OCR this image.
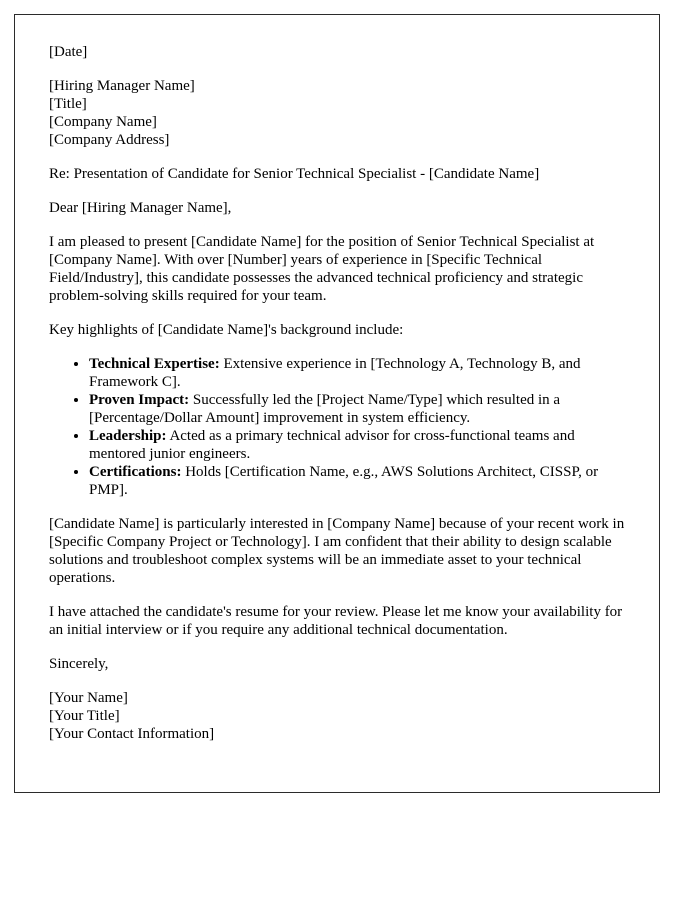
[Date]

[Hiring Manager Name]
[Title]
[Company Name]
[Company Address]

Re: Presentation of Candidate for Senior Technical Specialist - [Candidate Name]

Dear [Hiring Manager Name],

I am pleased to present [Candidate Name] for the position of Senior Technical Specialist at [Company Name]. With over [Number] years of experience in [Specific Technical Field/Industry], this candidate possesses the advanced technical proficiency and strategic problem-solving skills required for your team.

Key highlights of [Candidate Name]'s background include:

• Technical Expertise: Extensive experience in [Technology A, Technology B, and Framework C].
• Proven Impact: Successfully led the [Project Name/Type] which resulted in a [Percentage/Dollar Amount] improvement in system efficiency.
• Leadership: Acted as a primary technical advisor for cross-functional teams and mentored junior engineers.
• Certifications: Holds [Certification Name, e.g., AWS Solutions Architect, CISSP, or PMP].

[Candidate Name] is particularly interested in [Company Name] because of your recent work in [Specific Company Project or Technology]. I am confident that their ability to design scalable solutions and troubleshoot complex systems will be an immediate asset to your technical operations.

I have attached the candidate's resume for your review. Please let me know your availability for an initial interview or if you require any additional technical documentation.

Sincerely,

[Your Name]
[Your Title]
[Your Contact Information]
